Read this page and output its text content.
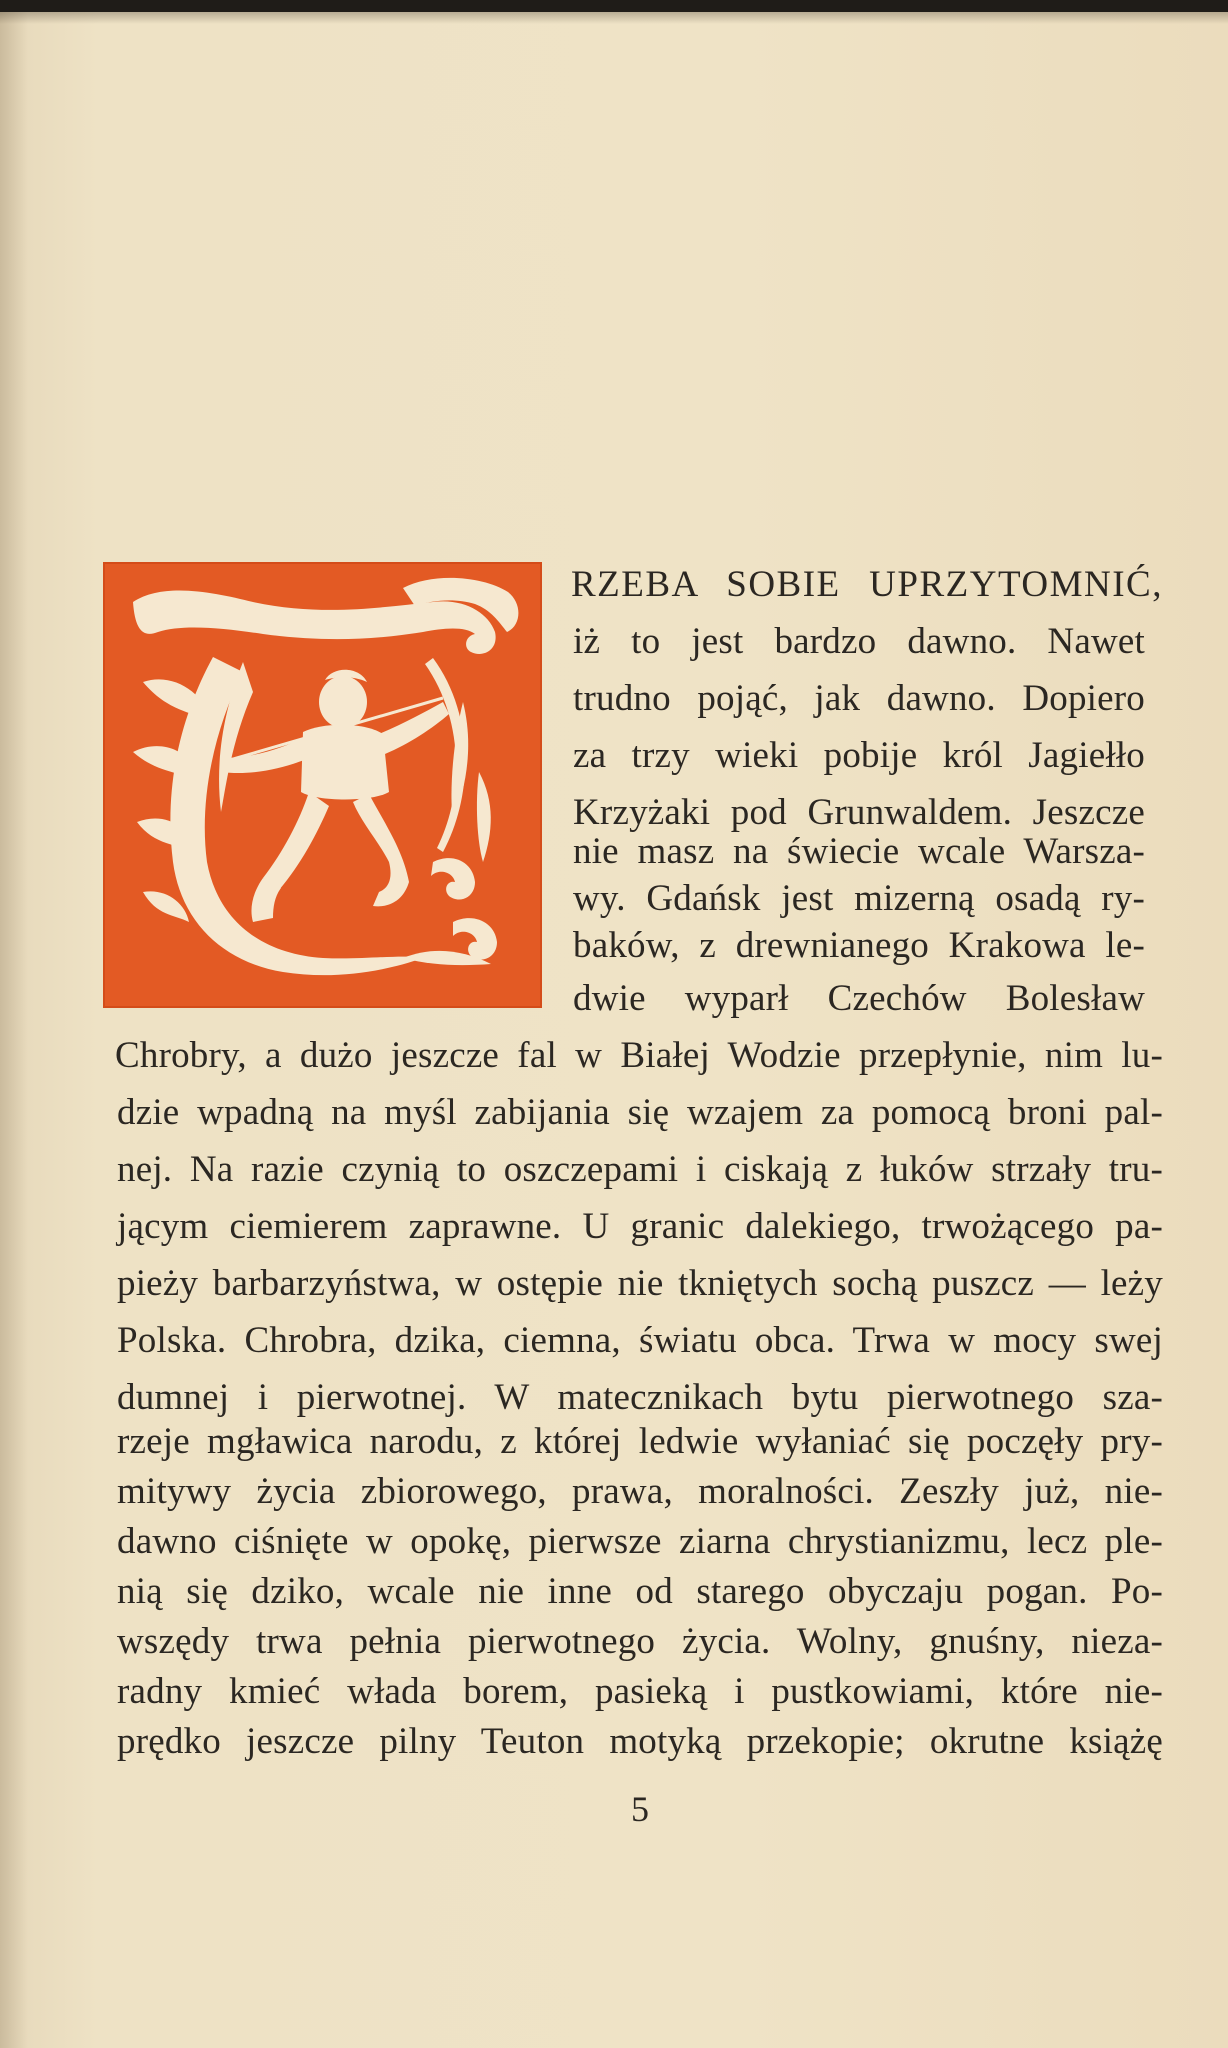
RZEBA SOBIE UPRZYTOMNIĆ,
iż to jest bardzo dawno. Nawet
trudno pojąć, jak dawno. Dopiero
za trzy wieki pobije król Jagiełło
Krzyżaki pod Grunwaldem. Jeszcze
nie masz na świecie wcale Warsza-
wy. Gdańsk jest mizerną osadą ry-
baków, z drewnianego Krakowa le-
dwie wyparł Czechów Bolesław
Chrobry, a dużo jeszcze fal w Białej Wodzie przepłynie, nim lu-
dzie wpadną na myśl zabijania się wzajem za pomocą broni pal-
nej. Na razie czynią to oszczepami i ciskają z łuków strzały tru-
jącym ciemierem zaprawne. U granic dalekiego, trwożącego pa-
pieży barbarzyństwa, w ostępie nie tkniętych sochą puszcz — leży
Polska. Chrobra, dzika, ciemna, światu obca. Trwa w mocy swej
dumnej i pierwotnej. W matecznikach bytu pierwotnego sza-
rzeje mgławica narodu, z której ledwie wyłaniać się poczęły pry-
mitywy życia zbiorowego, prawa, moralności. Zeszły już, nie-
dawno ciśnięte w opokę, pierwsze ziarna chrystianizmu, lecz ple-
nią się dziko, wcale nie inne od starego obyczaju pogan. Po-
wszędy trwa pełnia pierwotnego życia. Wolny, gnuśny, nieza-
radny kmieć włada borem, pasieką i pustkowiami, które nie-
prędko jeszcze pilny Teuton motyką przekopie; okrutne książę
5
